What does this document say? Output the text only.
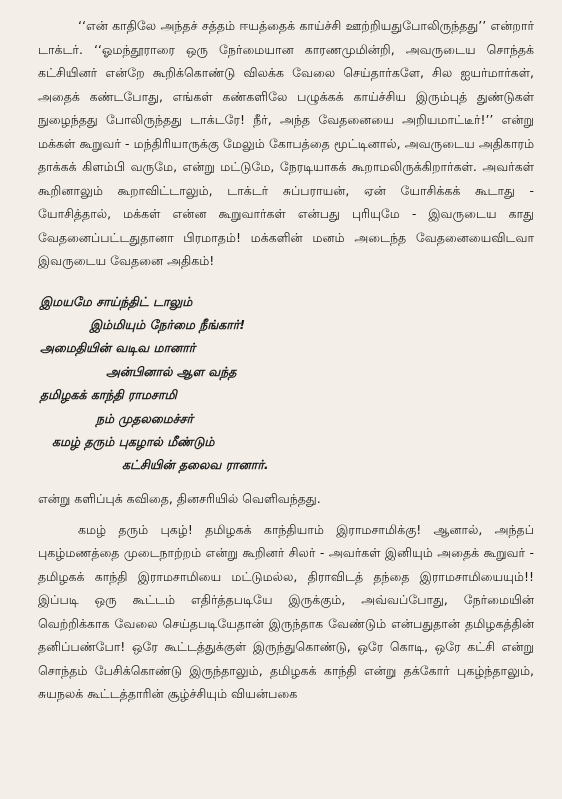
‘‘என் காதிலே அந்தச் சத்தம் ஈயத்தைக் காய்ச்சி ஊற்றியதுபோலிருந்தது’’ என்றார் டாக்டர். ‘‘ஓமந்தூராரை ஒரு நேர்மையான காரணமுமின்றி, அவருடைய சொந்தக் கட்சியினர் என்றே கூறிக்கொண்டு விலக்க வேலை செய்தார்களே, சில ஐயர்மார்கள், அதைக் கண்டபோது, எங்கள் கண்களிலே பழுக்கக் காய்ச்சிய இரும்புத் துண்டுகள் நுழைந்தது போலிருந்தது டாக்டரே! நீர், அந்த வேதனையை அறியமாட்டீர்!’’ என்று மக்கள் கூறுவர் - மந்திரியாருக்கு மேலும் கோபத்தை மூட்டினால், அவருடைய அதிகாரம் தாக்கக் கிளம்பி வருமே, என்று மட்டுமே, நேரடியாகக் கூறாமலிருக்கிறார்கள். அவர்கள் கூறினாலும் கூறாவிட்டாலும், டாக்டர் சுப்பராயன், ஏன் யோசிக்கக் கூடாது - யோசித்தால், மக்கள் என்ன கூறுவார்கள் என்பது புரியுமே - இவருடைய காது வேதனைப்பட்டதுதானா பிரமாதம்! மக்களின் மனம் அடைந்த வேதனையைவிடவா இவருடைய வேதனை அதிகம்!

இமயமே சாய்ந்திட் டாலும்
இம்மியும் நேர்மை நீங்கார்!
அமைதியின் வடிவ மானார்
அன்பினால் ஆள வந்த
தமிழகக் காந்தி ராமசாமி
நம் முதலமைச்சர்
கமழ் தரும் புகழால் மீண்டும்
கட்சியின் தலைவ ரானார்.
என்று களிப்புக் கவிதை, தினசரியில் வெளிவந்தது.

கமழ் தரும் புகழ்! தமிழகக் காந்தியாம் இராமசாமிக்கு! ஆனால், அந்தப் புகழ்மணத்தை முடைநாற்றம் என்று கூறினர் சிலர் - அவர்கள் இனியும் அதைக் கூறுவர் - தமிழகக் காந்தி இராமசாமியை மட்டுமல்ல, திராவிடத் தந்தை இராமசாமியையும்!! இப்படி ஒரு கூட்டம் எதிர்த்தபடியே இருக்கும், அவ்வப்போது, நேர்மையின் வெற்றிக்காக வேலை செய்தபடியேதான் இருந்தாக வேண்டும் என்பதுதான் தமிழகத்தின் தனிப்பண்போ! ஒரே கூட்டத்துக்குள் இருந்துகொண்டு, ஒரே கொடி, ஒரே கட்சி என்று சொந்தம் பேசிக்கொண்டு இருந்தாலும், தமிழகக் காந்தி என்று தக்கோர் புகழ்ந்தாலும், சுயநலக் கூட்டத்தாரின் சூழ்ச்சியும் வியன்பகை
